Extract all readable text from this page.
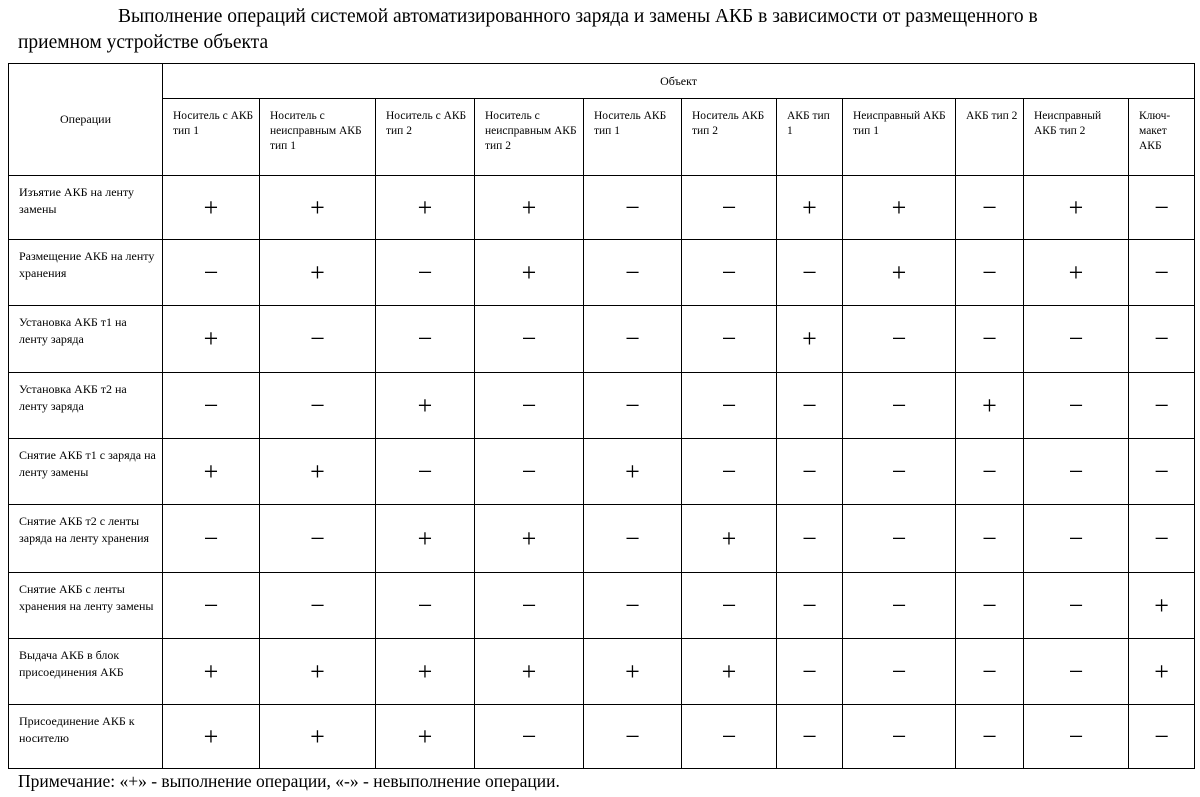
Выполнение операций системой автоматизированного заряда и замены АКБ в зависимости от размещенного в
приемном устройстве объекта
Операции	Объект										
	Носитель с АКБ тип 1	Носитель с неисправным АКБ тип 1	Носитель с АКБ тип 2	Носитель с неисправным АКБ тип 2	Носитель АКБ тип 1	Носитель АКБ тип 2	АКБ тип 1	Неисправный АКБ тип 1	АКБ тип 2	Неисправный АКБ тип 2	Ключ-макет АКБ
Изъятие АКБ на ленту замены	+	+	+	+	−	−	+	+	−	+	−
Размещение АКБ на ленту хранения	−	+	−	+	−	−	−	+	−	+	−
Установка АКБ т1 на ленту заряда	+	−	−	−	−	−	+	−	−	−	−
Установка АКБ т2 на ленту заряда	−	−	+	−	−	−	−	−	+	−	−
Снятие АКБ т1 с заряда на ленту замены	+	+	−	−	+	−	−	−	−	−	−
Снятие АКБ т2 с ленты заряда на ленту хранения	−	−	+	+	−	+	−	−	−	−	−
Снятие АКБ с ленты хранения на ленту замены	−	−	−	−	−	−	−	−	−	−	+
Выдача АКБ в блок присоединения АКБ	+	+	+	+	+	+	−	−	−	−	+
Присоединение АКБ к носителю	+	+	+	−	−	−	−	−	−	−	−
Примечание: «+» - выполнение операции, «-» - невыполнение операции.
